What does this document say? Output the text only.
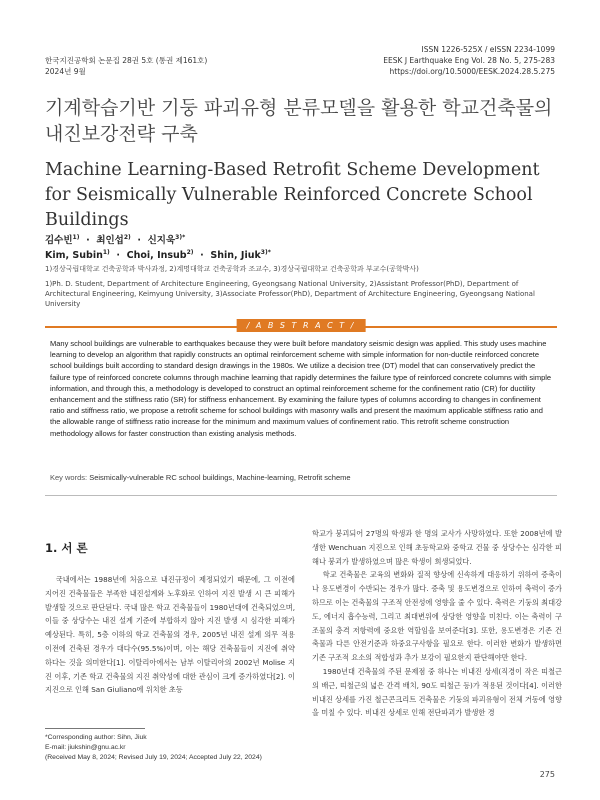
한국지진공학회 논문집 28권 5호 (통권 제161호)
2024년 9월
ISSN 1226-525X / eISSN 2234-1099
EESK J Earthquake Eng Vol. 28 No. 5, 275-283
https://doi.org/10.5000/EESK.2024.28.5.275
기계학습기반 기둥 파괴유형 분류모델을 활용한 학교건축물의 내진보강전략 구축
Machine Learning-Based Retrofit Scheme Development for Seismically Vulnerable Reinforced Concrete School Buildings
김수빈$^{1)}$ · 최인섭$^{2)}$ · 신지욱$^{3)*}$
Kim, Subin$^{1)}$ · Choi, Insub$^{2)}$ · Shin, Jiuk$^{3)*}$
1)경상국립대학교 건축공학과 박사과정, 2)계명대학교 건축공학과 조교수, 3)경상국립대학교 건축공학과 부교수(공학박사)
1)Ph. D. Student, Department of Architecture Engineering, Gyeongsang National University, 2)Assistant Professor(PhD), Department of Architectural Engineering, Keimyung University, 3)Associate Professor(PhD), Department of Architecture Engineering, Gyeongsang National University
/ A B S T R A C T /
Many school buildings are vulnerable to earthquakes because they were built before mandatory seismic design was applied. This study uses machine learning to develop an algorithm that rapidly constructs an optimal reinforcement scheme with simple information for non-ductile reinforced concrete school buildings built according to standard design drawings in the 1980s. We utilize a decision tree (DT) model that can conservatively predict the failure type of reinforced concrete columns through machine learning that rapidly determines the failure type of reinforced concrete columns with simple information, and through this, a methodology is developed to construct an optimal reinforcement scheme for the confinement ratio (CR) for ductility enhancement and the stiffness ratio (SR) for stiffness enhancement. By examining the failure types of columns according to changes in confinement ratio and stiffness ratio, we propose a retrofit scheme for school buildings with masonry walls and present the maximum applicable stiffness ratio and the allowable range of stiffness ratio increase for the minimum and maximum values of confinement ratio. This retrofit scheme construction methodology allows for faster construction than existing analysis methods.
Key words: Seismically-vulnerable RC school buildings, Machine-learning, Retrofit scheme
1. 서 론
국내에서는 1988년에 처음으로 내진규정이 제정되었기 때문에, 그 이전에 지어진 건축물들은 부족한 내진설계와 노후화로 인하여 지진 발생 시 큰 피해가 발생할 것으로 판단된다. 국내 많은 학교 건축물들이 1980년대에 건축되었으며, 이들 중 상당수는 내진 설계 기준에 부합하지 않아 지진 발생 시 심각한 피해가 예상된다. 특히, 5층 이하의 학교 건축물의 경우, 2005년 내진 설계 의무 적용 이전에 건축된 경우가 대다수(95.5%)이며, 이는 해당 건축물들이 지진에 취약하다는 것을 의미한다[1]. 이탈리아에서는 남부 이탈리아의 2002년 Molise 지진 이후, 기존 학교 건축물의 지진 취약성에 대한 관심이 크게 증가하였다[2]. 이 지진으로 인해 San Giuliano에 위치한 초등

학교가 붕괴되어 27명의 학생과 한 명의 교사가 사망하였다. 또한 2008년에 발생한 Wenchuan 지진으로 인해 초등학교와 중학교 건물 중 상당수는 심각한 피해나 붕괴가 발생하였으며 많은 학생이 희생되었다.

학교 건축물은 교육의 변화와 질적 향상에 신속하게 대응하기 위하여 증축이나 용도변경이 수반되는 경우가 많다. 증축 및 용도변경으로 인하여 축력이 증가하므로 이는 건축물의 구조적 안전성에 영향을 줄 수 있다. 축력은 기둥의 최대강도, 에너지 흡수능력, 그리고 최대변위에 상당한 영향을 미친다. 이는 축력이 구조물의 충격 저항력에 중요한 역할임을 보여준다[3]. 또한, 용도변경은 기존 건축물과 다른 안전기준과 하중요구사항을 필요로 한다. 이러한 변화가 발생하면 기존 구조적 요소의 적합성과 추가 보강이 필요한지 판단해야만 한다.

1980년대 건축물의 주된 문제점 중 하나는 비내진 상세(직경이 작은 띠철근의 배근, 띠철근의 넓은 간격 배치, 90도 띠철근 등)가 적용된 것이다[4]. 이러한 비내진 상세를 가진 철근콘크리트 건축물은 기둥의 파괴유형이 전체 거동에 영향을 미칠 수 있다. 비내진 상세로 인해 전단파괴가 발생한 경

*Corresponding author: Sihn, Jiuk
E-mail: jiukshin@gnu.ac.kr
(Received May 8, 2024; Revised July 19, 2024; Accepted July 22, 2024)
275
